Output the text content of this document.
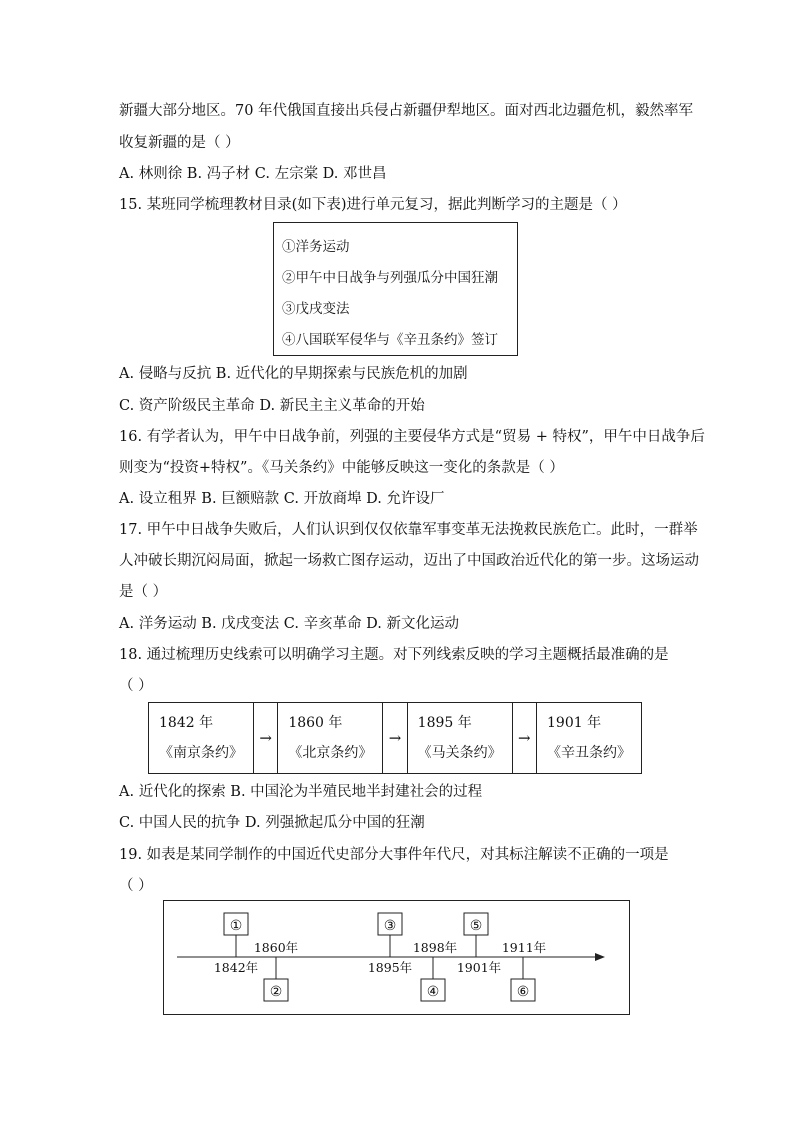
新疆大部分地区。70 年代俄国直接出兵侵占新疆伊犁地区。面对西北边疆危机，毅然率军
收复新疆的是（ ）
A. 林则徐 B. 冯子材 C. 左宗棠 D. 邓世昌
15. 某班同学梳理教材目录(如下表)进行单元复习，据此判断学习的主题是（ ）
①洋务运动
②甲午中日战争与列强瓜分中国狂潮
③戊戌变法
④八国联军侵华与《辛丑条约》签订
A. 侵略与反抗 B. 近代化的早期探索与民族危机的加剧
C. 资产阶级民主革命 D. 新民主主义革命的开始
16. 有学者认为，甲午中日战争前，列强的主要侵华方式是“贸易 + 特权”，甲午中日战争后
则变为“投资+特权”。《马关条约》中能够反映这一变化的条款是（ ）
A. 设立租界 B. 巨额赔款 C. 开放商埠 D. 允许设厂
17. 甲午中日战争失败后，人们认识到仅仅依靠军事变革无法挽救民族危亡。此时，一群举
人冲破长期沉闷局面，掀起一场救亡图存运动，迈出了中国政治近代化的第一步。这场运动
是（ ）
A. 洋务运动 B. 戊戌变法 C. 辛亥革命 D. 新文化运动
18. 通过梳理历史线索可以明确学习主题。对下列线索反映的学习主题概括最准确的是
（ ）
1842 年
《南京条约》
	→	
1860 年
《北京条约》
	→	
1895 年
《马关条约》
	→	
1901 年
《辛丑条约》
A. 近代化的探索 B. 中国沦为半殖民地半封建社会的过程
C. 中国人民的抗争 D. 列强掀起瓜分中国的狂潮
19. 如表是某同学制作的中国近代史部分大事件年代尺，对其标注解读不正确的一项是
（ ）
①
②
③
④
⑤
⑥
1842年
1860年
1895年
1898年
1901年
1911年
